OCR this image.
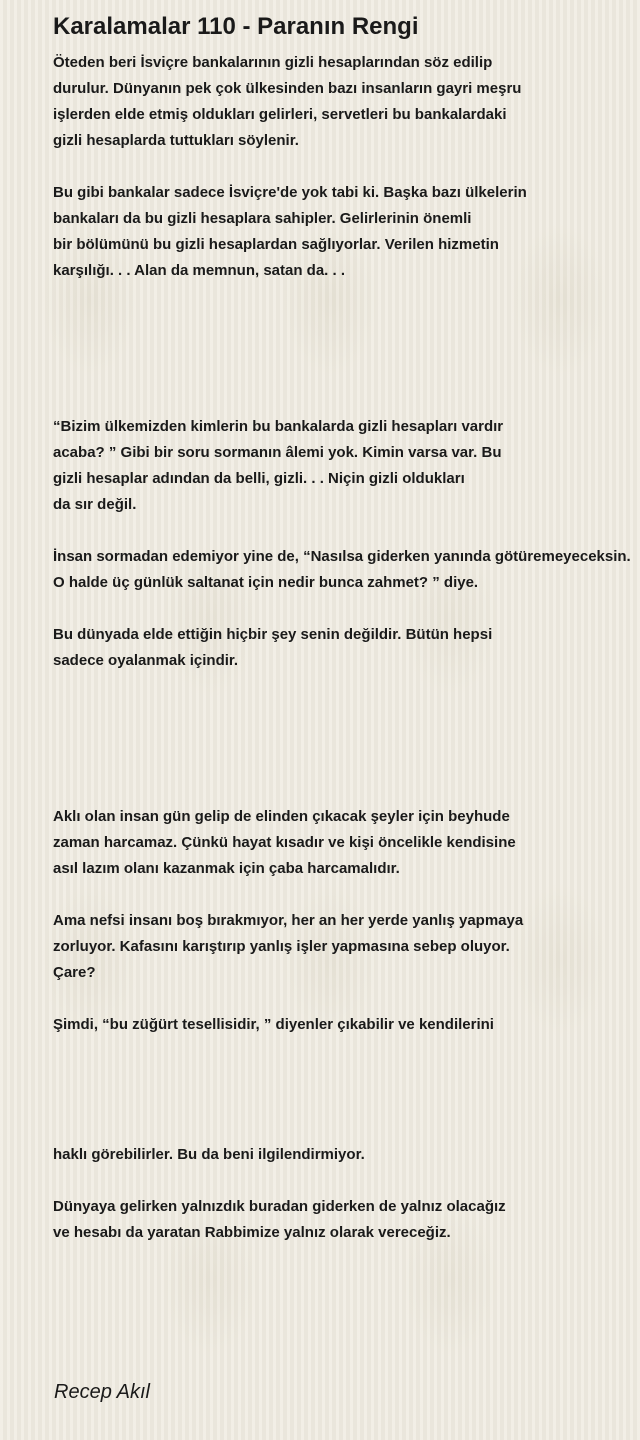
Karalamalar 110 - Paranın Rengi
Öteden beri İsviçre bankalarının gizli hesaplarından söz edilip
durulur. Dünyanın pek çok ülkesinden bazı insanların gayri meşru
işlerden elde etmiş oldukları gelirleri, servetleri bu bankalardaki
gizli hesaplarda tuttukları söylenir.
Bu gibi bankalar sadece İsviçre'de yok tabi ki. Başka bazı ülkelerin
bankaları da bu gizli hesaplara sahipler. Gelirlerinin önemli
bir bölümünü bu gizli hesaplardan sağlıyorlar. Verilen hizmetin
karşılığı. . . Alan da memnun, satan da. . .
“Bizim ülkemizden kimlerin bu bankalarda gizli hesapları vardır
acaba? ” Gibi bir soru sormanın âlemi yok. Kimin varsa var. Bu
gizli hesaplar adından da belli, gizli. . . Niçin gizli oldukları
da sır değil.
İnsan sormadan edemiyor yine de, “Nasılsa giderken yanında götüremeyeceksin.
O halde üç günlük saltanat için nedir bunca zahmet? ” diye.
Bu dünyada elde ettiğin hiçbir şey senin değildir. Bütün hepsi
sadece oyalanmak içindir.
Aklı olan insan gün gelip de elinden çıkacak şeyler için beyhude
zaman harcamaz. Çünkü hayat kısadır ve kişi öncelikle kendisine
asıl lazım olanı kazanmak için çaba harcamalıdır.
Ama nefsi insanı boş bırakmıyor, her an her yerde yanlış yapmaya
zorluyor. Kafasını karıştırıp yanlış işler yapmasına sebep oluyor.
Çare?
Şimdi, “bu züğürt tesellisidir, ” diyenler çıkabilir ve kendilerini
haklı görebilirler. Bu da beni ilgilendirmiyor.
Dünyaya gelirken yalnızdık buradan giderken de yalnız olacağız
ve hesabı da yaratan Rabbimize yalnız olarak vereceğiz.
Recep Akıl
